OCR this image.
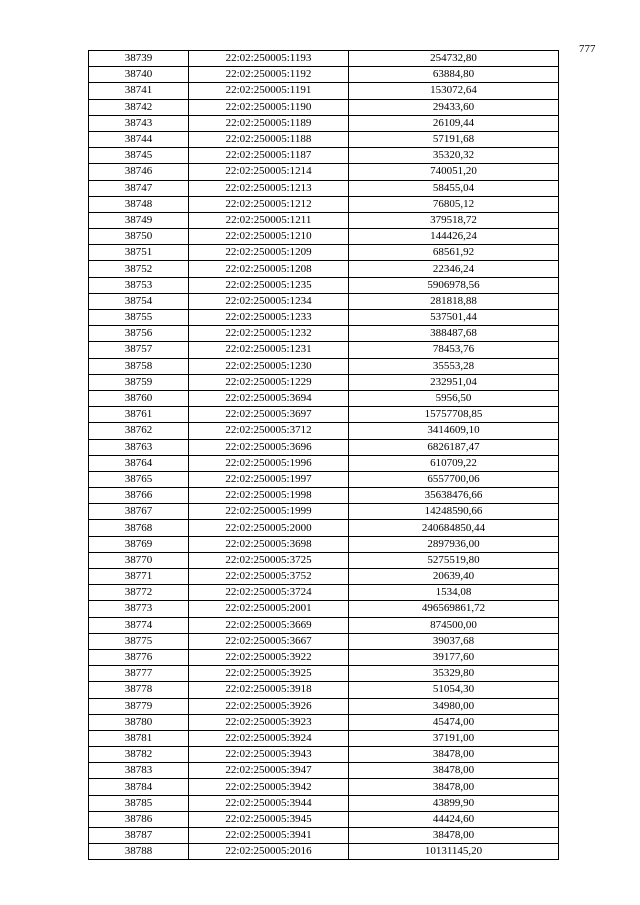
777
38739	22:02:250005:1193	254732,80
38740	22:02:250005:1192	63884,80
38741	22:02:250005:1191	153072,64
38742	22:02:250005:1190	29433,60
38743	22:02:250005:1189	26109,44
38744	22:02:250005:1188	57191,68
38745	22:02:250005:1187	35320,32
38746	22:02:250005:1214	740051,20
38747	22:02:250005:1213	58455,04
38748	22:02:250005:1212	76805,12
38749	22:02:250005:1211	379518,72
38750	22:02:250005:1210	144426,24
38751	22:02:250005:1209	68561,92
38752	22:02:250005:1208	22346,24
38753	22:02:250005:1235	5906978,56
38754	22:02:250005:1234	281818,88
38755	22:02:250005:1233	537501,44
38756	22:02:250005:1232	388487,68
38757	22:02:250005:1231	78453,76
38758	22:02:250005:1230	35553,28
38759	22:02:250005:1229	232951,04
38760	22:02:250005:3694	5956,50
38761	22:02:250005:3697	15757708,85
38762	22:02:250005:3712	3414609,10
38763	22:02:250005:3696	6826187,47
38764	22:02:250005:1996	610709,22
38765	22:02:250005:1997	6557700,06
38766	22:02:250005:1998	35638476,66
38767	22:02:250005:1999	14248590,66
38768	22:02:250005:2000	240684850,44
38769	22:02:250005:3698	2897936,00
38770	22:02:250005:3725	5275519,80
38771	22:02:250005:3752	20639,40
38772	22:02:250005:3724	1534,08
38773	22:02:250005:2001	496569861,72
38774	22:02:250005:3669	874500,00
38775	22:02:250005:3667	39037,68
38776	22:02:250005:3922	39177,60
38777	22:02:250005:3925	35329,80
38778	22:02:250005:3918	51054,30
38779	22:02:250005:3926	34980,00
38780	22:02:250005:3923	45474,00
38781	22:02:250005:3924	37191,00
38782	22:02:250005:3943	38478,00
38783	22:02:250005:3947	38478,00
38784	22:02:250005:3942	38478,00
38785	22:02:250005:3944	43899,90
38786	22:02:250005:3945	44424,60
38787	22:02:250005:3941	38478,00
38788	22:02:250005:2016	10131145,20
